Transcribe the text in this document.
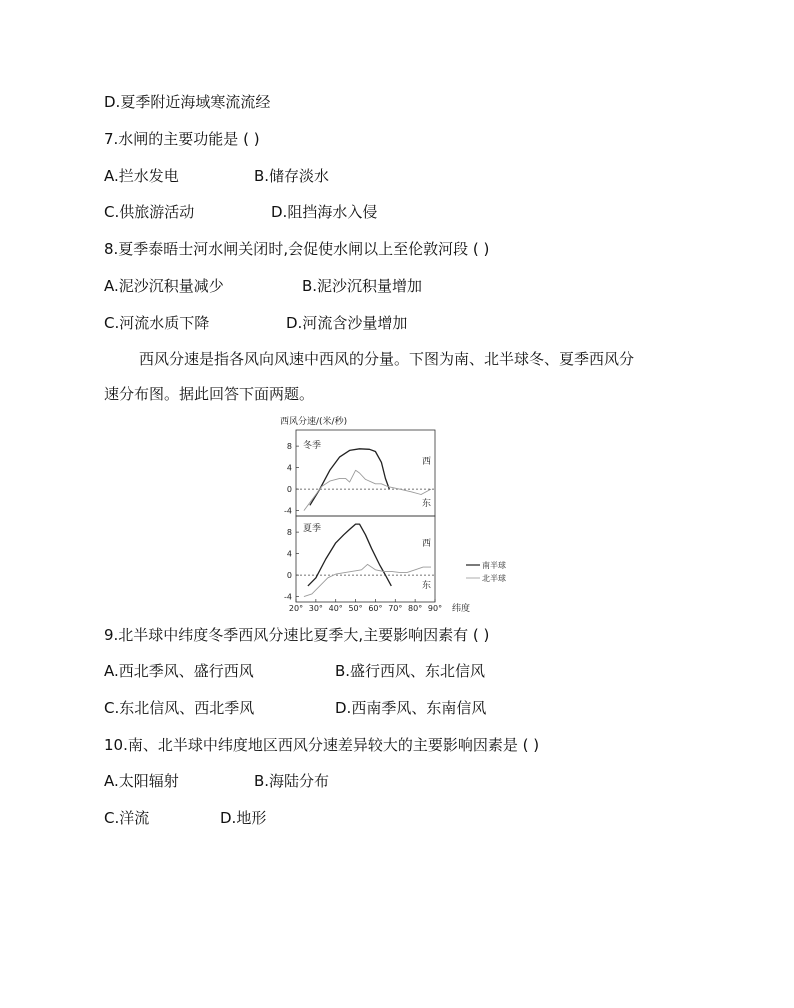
D.夏季附近海域寒流流经
7.水闸的主要功能是 ( )
A.拦水发电	B.储存淡水
C.供旅游活动	D.阻挡海水入侵
8.夏季泰晤士河水闸关闭时,会促使水闸以上至伦敦河段 ( )
A.泥沙沉积量减少	B.泥沙沉积量增加
C.河流水质下降	D.河流含沙量增加
西风分速是指各风向风速中西风的分量。下图为南、北半球冬、夏季西风分
速分布图。据此回答下面两题。
西风分速/(米/秒)
冬季
夏季
西
东
西
东
南半球
北半球
纬度
8
4
0
-4
8
4
0
-4
20° 30° 40° 50° 60° 70° 80° 90°
9.北半球中纬度冬季西风分速比夏季大,主要影响因素有 ( )
A.西北季风、盛行西风	B.盛行西风、东北信风
C.东北信风、西北季风	D.西南季风、东南信风
10.南、北半球中纬度地区西风分速差异较大的主要影响因素是 ( )
A.太阳辐射	B.海陆分布
C.洋流	D.地形
